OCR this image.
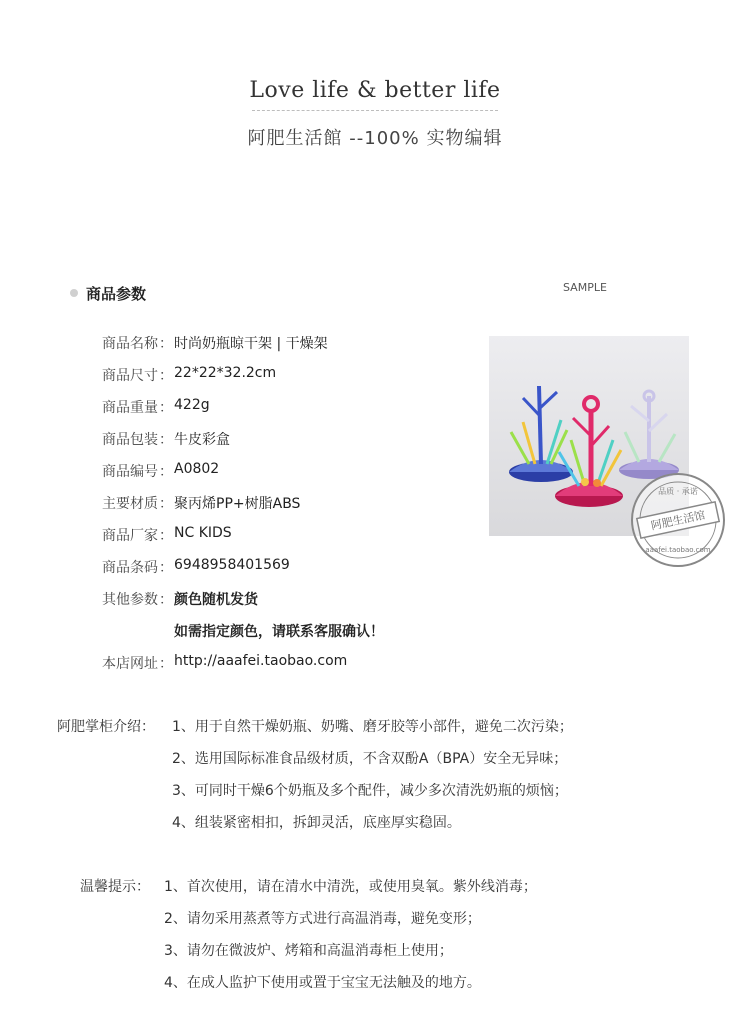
Love life & better life
阿肥生活館 --100% 实物编辑
商品参数	SAMPLE
商品名称 ： 时尚奶瓶晾干架 | 干燥架
商品尺寸 ： 22*22*32.2cm
商品重量 ： 422g
商品包装 ： 牛皮彩盒
商品编号 ： A0802
主要材质 ： 聚丙烯PP+树脂ABS
商品厂家 ： NC KIDS
商品条码 ： 6948958401569
其他参数 ： 颜色随机发货
如需指定颜色，请联系客服确认！
本店网址 ： http://aaafei.taobao.com
品质 · 承诺
阿肥生活馆
aaafei.taobao.com
阿肥掌柜介绍： 1、用于自然干燥奶瓶、奶嘴、磨牙胶等小部件，避免二次污染；
2、选用国际标准食品级材质，不含双酚A（BPA）安全无异味；
3、可同时干燥6个奶瓶及多个配件，减少多次清洗奶瓶的烦恼；
4、组装紧密相扣，拆卸灵活，底座厚实稳固。
温馨提示： 1、首次使用，请在清水中清洗，或使用臭氧。紫外线消毒；
2、请勿采用蒸煮等方式进行高温消毒，避免变形；
3、请勿在微波炉、烤箱和高温消毒柜上使用；
4、在成人监护下使用或置于宝宝无法触及的地方。
